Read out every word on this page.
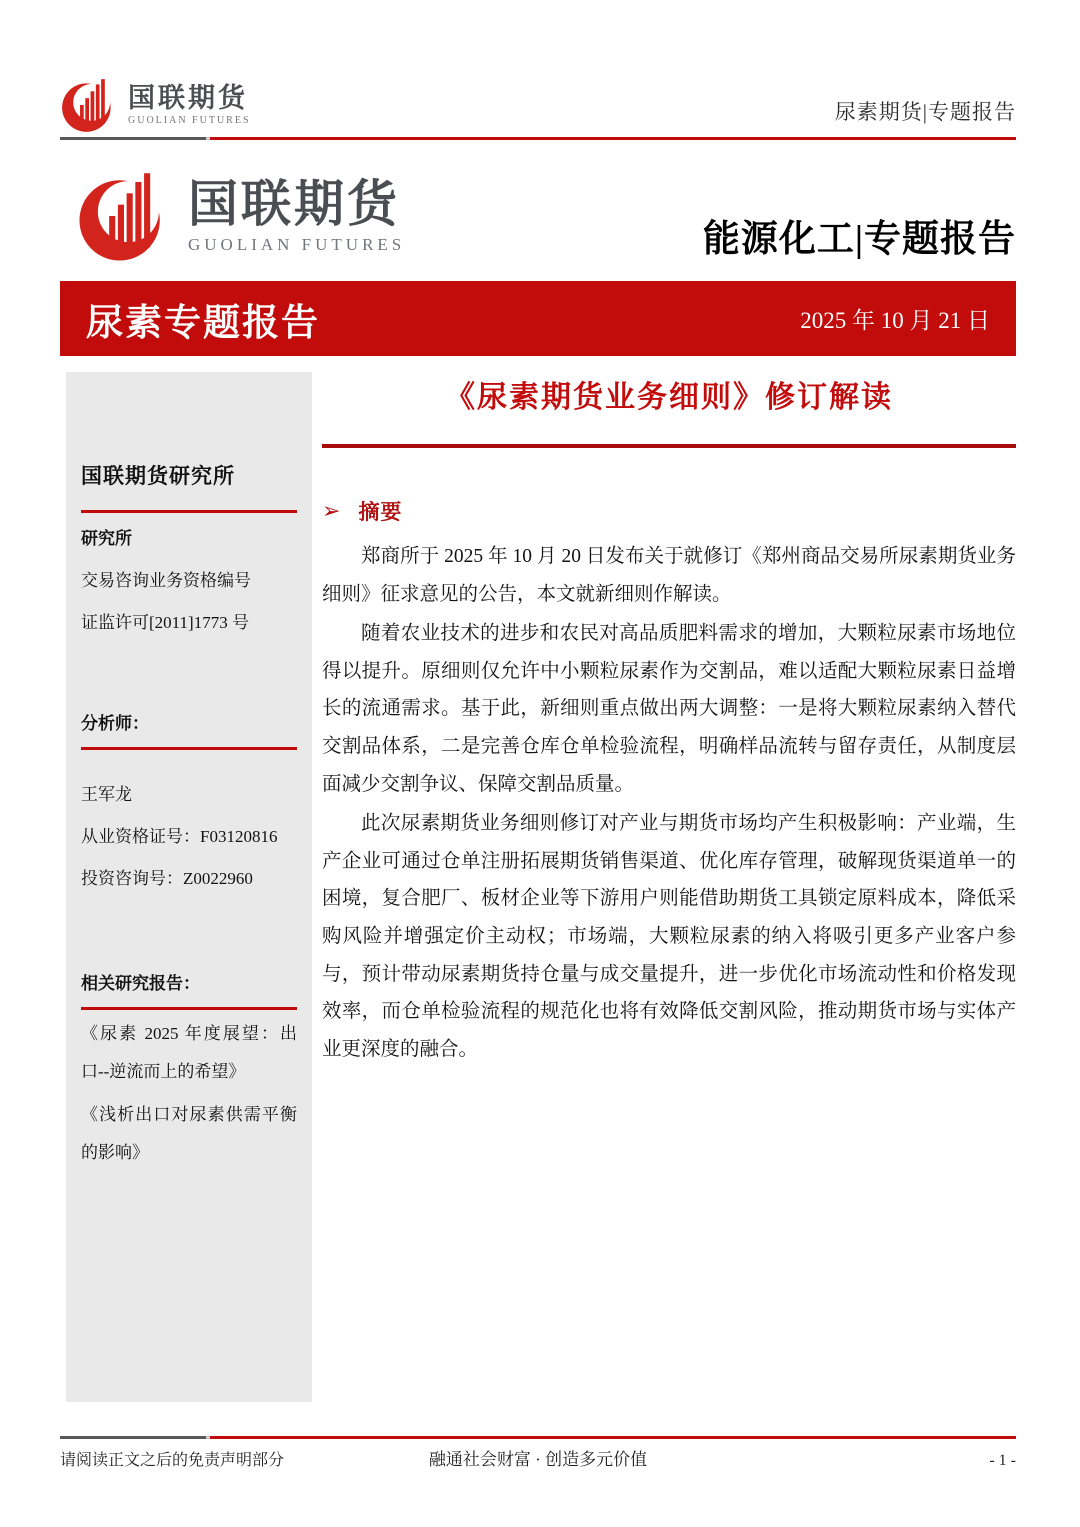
国联期货
GUOLIAN FUTURES	尿素期货|专题报告
国联期货
GUOLIAN FUTURES	能源化工|专题报告
尿素专题报告	2025 年 10 月 21 日
国联期货研究所
研究所
交易咨询业务资格编号
证监许可[2011]1773 号
分析师：
王军龙
从业资格证号：F03120816
投资咨询号：Z0022960
相关研究报告：
《尿素 2025 年度展望：出口--逆流而上的希望》
《浅析出口对尿素供需平衡的影响》
《尿素期货业务细则》修订解读
➢ 摘要

郑商所于 2025 年 10 月 20 日发布关于就修订《郑州商品交易所尿素期货业务细则》征求意见的公告，本文就新细则作解读。

随着农业技术的进步和农民对高品质肥料需求的增加，大颗粒尿素市场地位得以提升。原细则仅允许中小颗粒尿素作为交割品，难以适配大颗粒尿素日益增长的流通需求。基于此，新细则重点做出两大调整：一是将大颗粒尿素纳入替代交割品体系，二是完善仓库仓单检验流程，明确样品流转与留存责任，从制度层面减少交割争议、保障交割品质量。

此次尿素期货业务细则修订对产业与期货市场均产生积极影响：产业端，生产企业可通过仓单注册拓展期货销售渠道、优化库存管理，破解现货渠道单一的困境，复合肥厂、板材企业等下游用户则能借助期货工具锁定原料成本，降低采购风险并增强定价主动权；市场端，大颗粒尿素的纳入将吸引更多产业客户参与，预计带动尿素期货持仓量与成交量提升，进一步优化市场流动性和价格发现效率，而仓单检验流程的规范化也将有效降低交割风险，推动期货市场与实体产业更深度的融合。

请阅读正文之后的免责声明部分	融通社会财富 · 创造多元价值	- 1 -
